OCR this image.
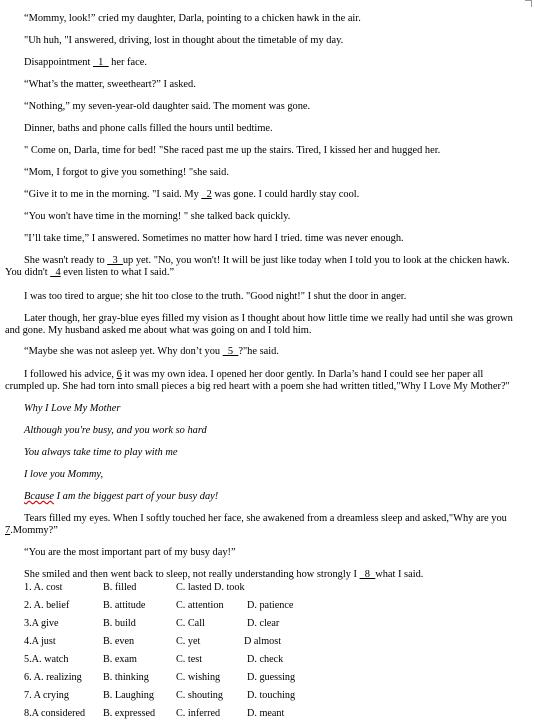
“Mommy, look!” cried my daughter, Darla, pointing to a chicken hawk in the air.
"Uh huh, "I answered, driving, lost in thought about the timetable of my day.
Disappointment _1_ her face.
“What’s the matter, sweetheart?” I asked.
“Nothing,” my seven-year-old daughter said. The moment was gone.
Dinner, baths and phone calls filled the hours until bedtime.
" Come on, Darla, time for bed! "She raced past me up the stairs. Tired, I kissed her and hugged her.
“Mom, I forgot to give you something! "she said.
“Give it to me in the morning. "I said. My _2 was gone. I could hardly stay cool.
“You won't have time in the morning! " she talked back quickly.
"I’ll take time,” I answered. Sometimes no matter how hard I tried. time was never enough.
She wasn't ready to _3_up yet. "No, you won't! It will be just like today when I told you to look at the chicken hawk.
You didn't _4 even listen to what I said.”
I was too tired to argue; she hit too close to the truth. "Good night!" I shut the door in anger.
Later though, her gray-blue eyes filled my vision as I thought about how little time we really had until she was grown
and gone. My husband asked me about what was going on and I told him.
“Maybe she was not asleep yet. Why don’t you _5_?"he said.
I followed his advice, 6 it was my own idea. I opened her door gently. In Darla’s hand I could see her paper all
crumpled up. She had torn into small pieces a big red heart with a poem she had written titled,"Why I Love My Mother?"
Why I Love My Mother
Although you're busy, and you work so hard
You always take time to play with me
I love you Mommy,
Bcause I am the biggest part of your busy day!
Tears filled my eyes. When I softly touched her face, she awakened from a dreamless sleep and asked,"Why are you
7.Mommy?”
“You are the most important part of my busy day!”
She smiled and then went back to sleep, not really understanding how strongly I _8_what I said.
1. A. cost	B. filled	C. lasted D. took
2. A. belief	B. attitude	C. attention D. patience
3.A give	B. build	C. Call	D. clear
4.A just	B. even	C. yet	D almost
5.A. watch	B. exam	C. test	D. check
6. A. realizing B. thinking	C. wishing	D. guessing
7. A crying	B. Laughing C. shouting D. touching
8.A considered B. expressed C. inferred	D. meant
